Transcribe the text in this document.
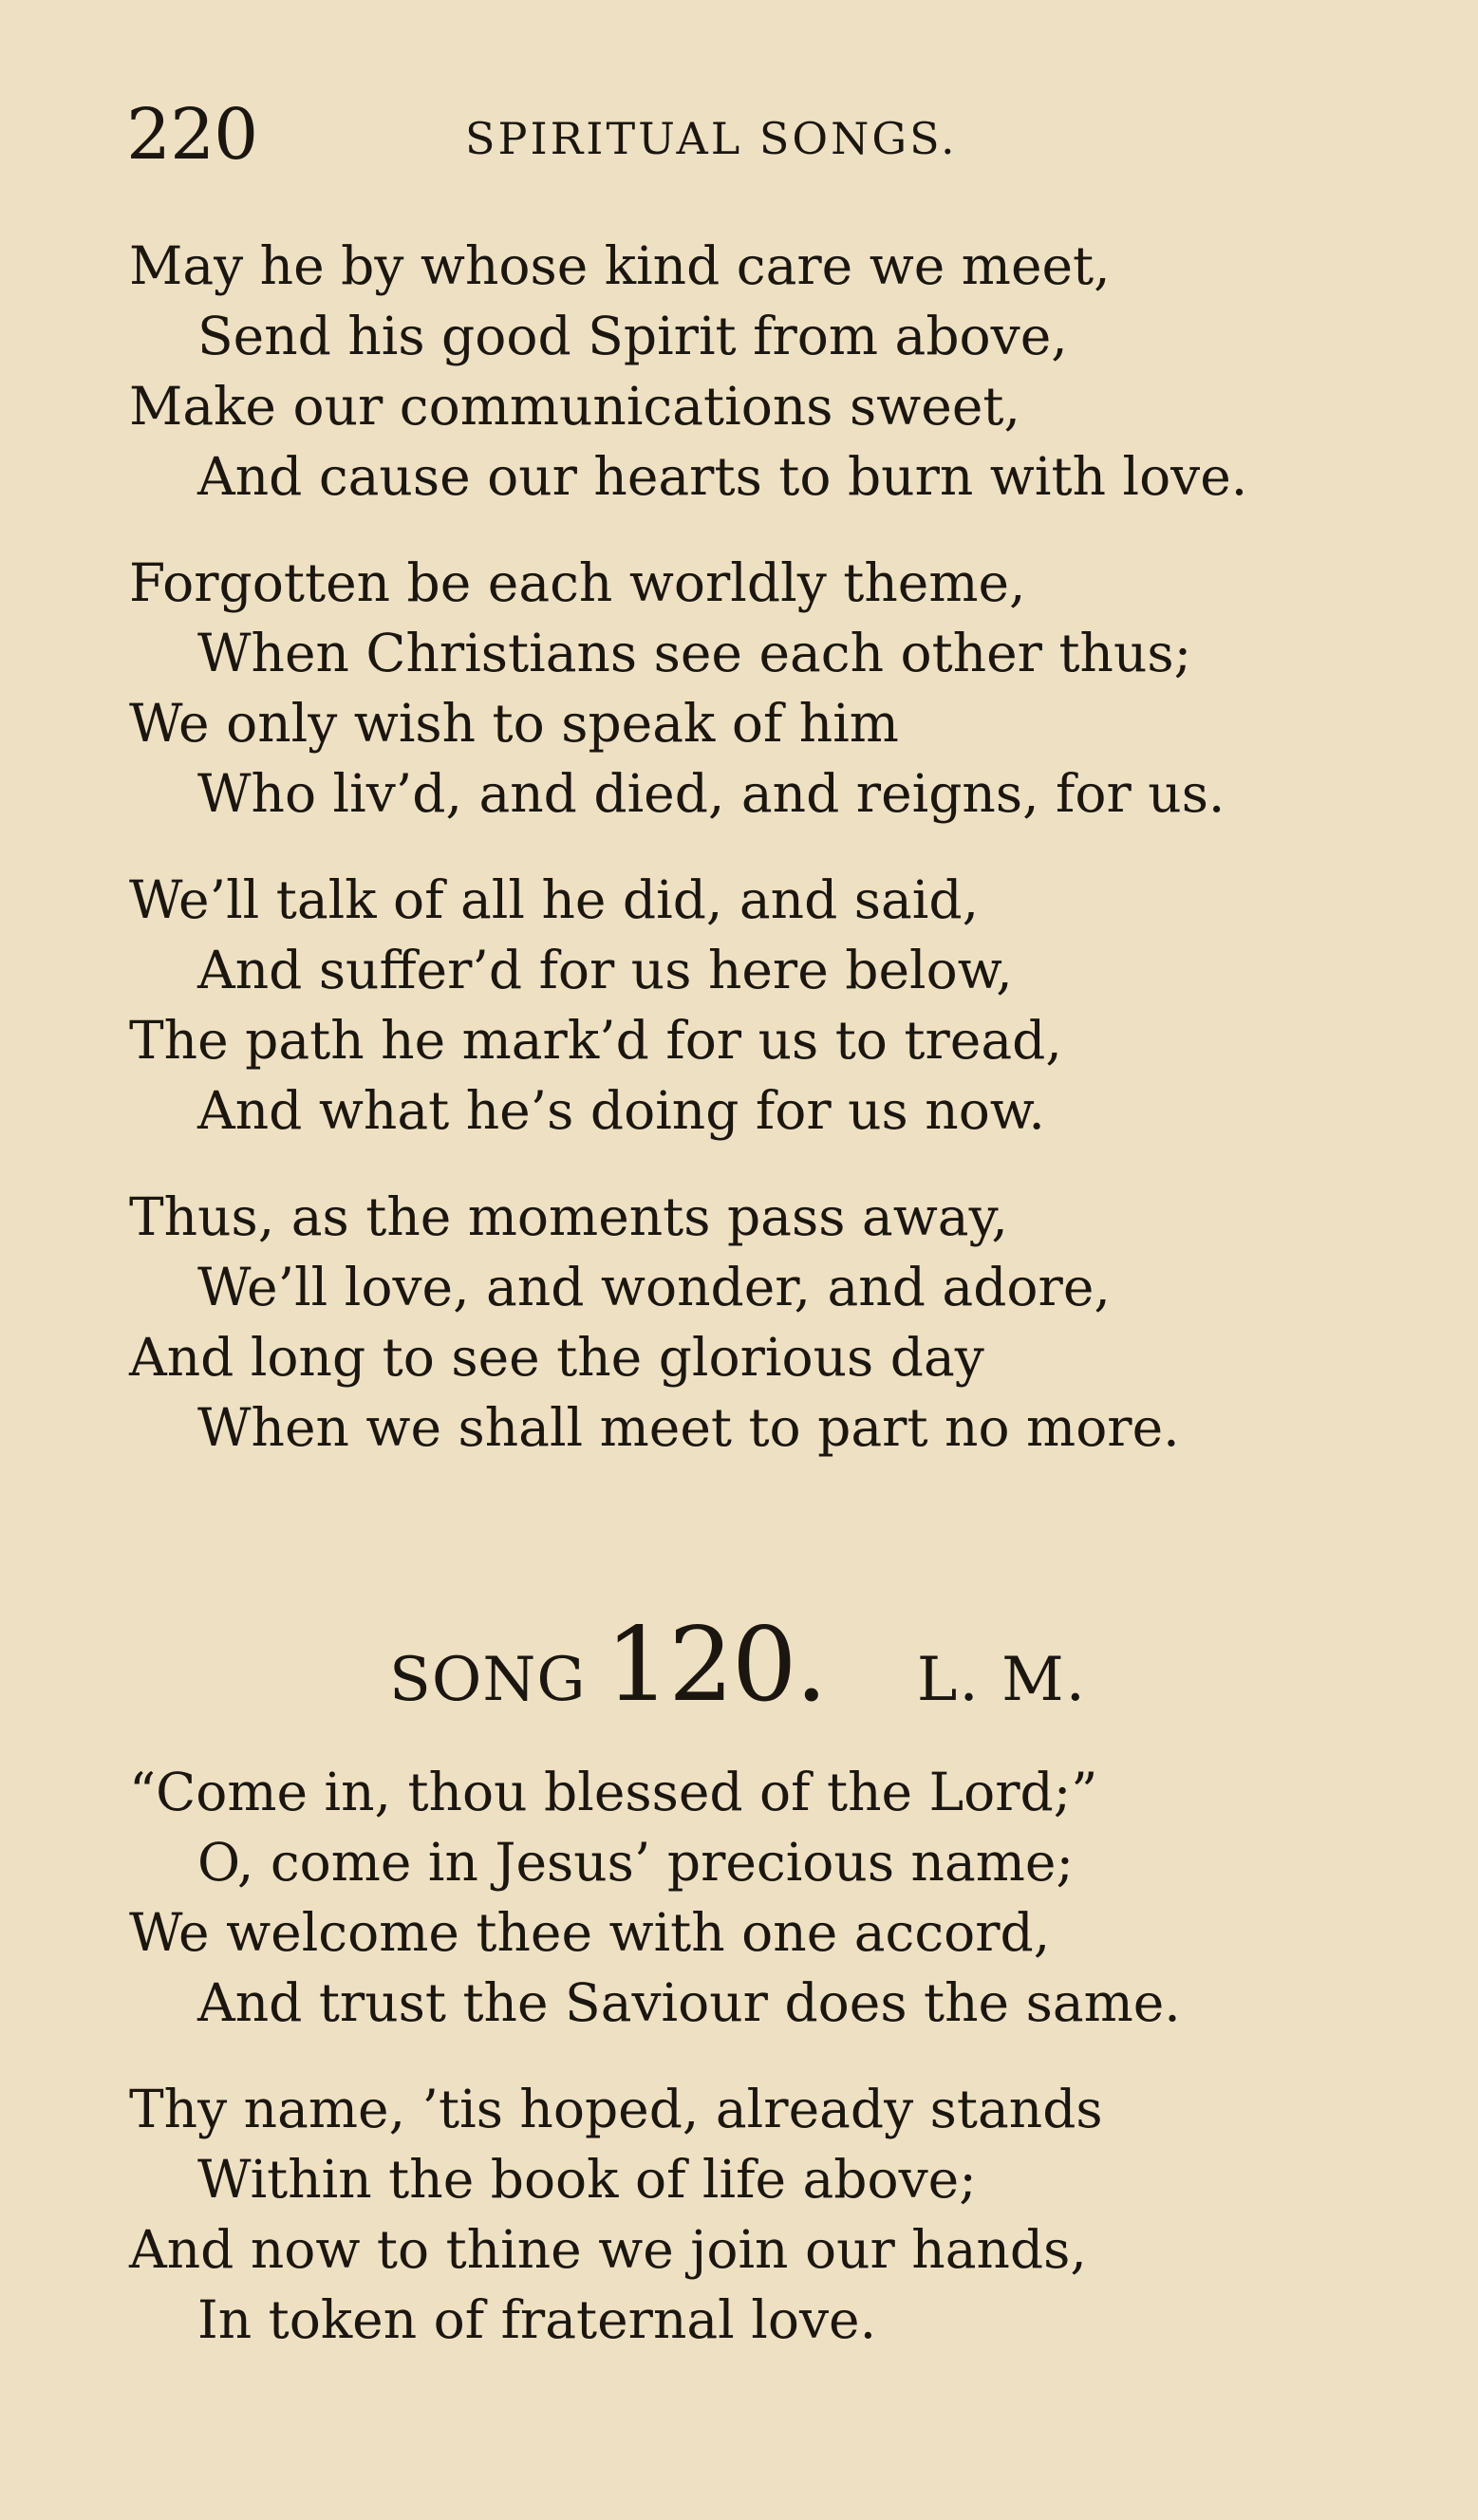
220	SPIRITUAL SONGS.
May he by whose kind care we meet,
Send his good Spirit from above,
Make our communications sweet,
And cause our hearts to burn with love.
Forgotten be each worldly theme,
When Christians see each other thus;
We only wish to speak of him
Who liv’d, and died, and reigns, for us.
We’ll talk of all he did, and said,
And suffer’d for us here below,
The path he mark’d for us to tread,
And what he’s doing for us now.
Thus, as the moments pass away,
We’ll love, and wonder, and adore,
And long to see the glorious day
When we shall meet to part no more.
SONG 120. L. M.
“Come in, thou blessed of the Lord;”
O, come in Jesus’ precious name;
We welcome thee with one accord,
And trust the Saviour does the same.
Thy name, ’tis hoped, already stands
Within the book of life above;
And now to thine we join our hands,
In token of fraternal love.
